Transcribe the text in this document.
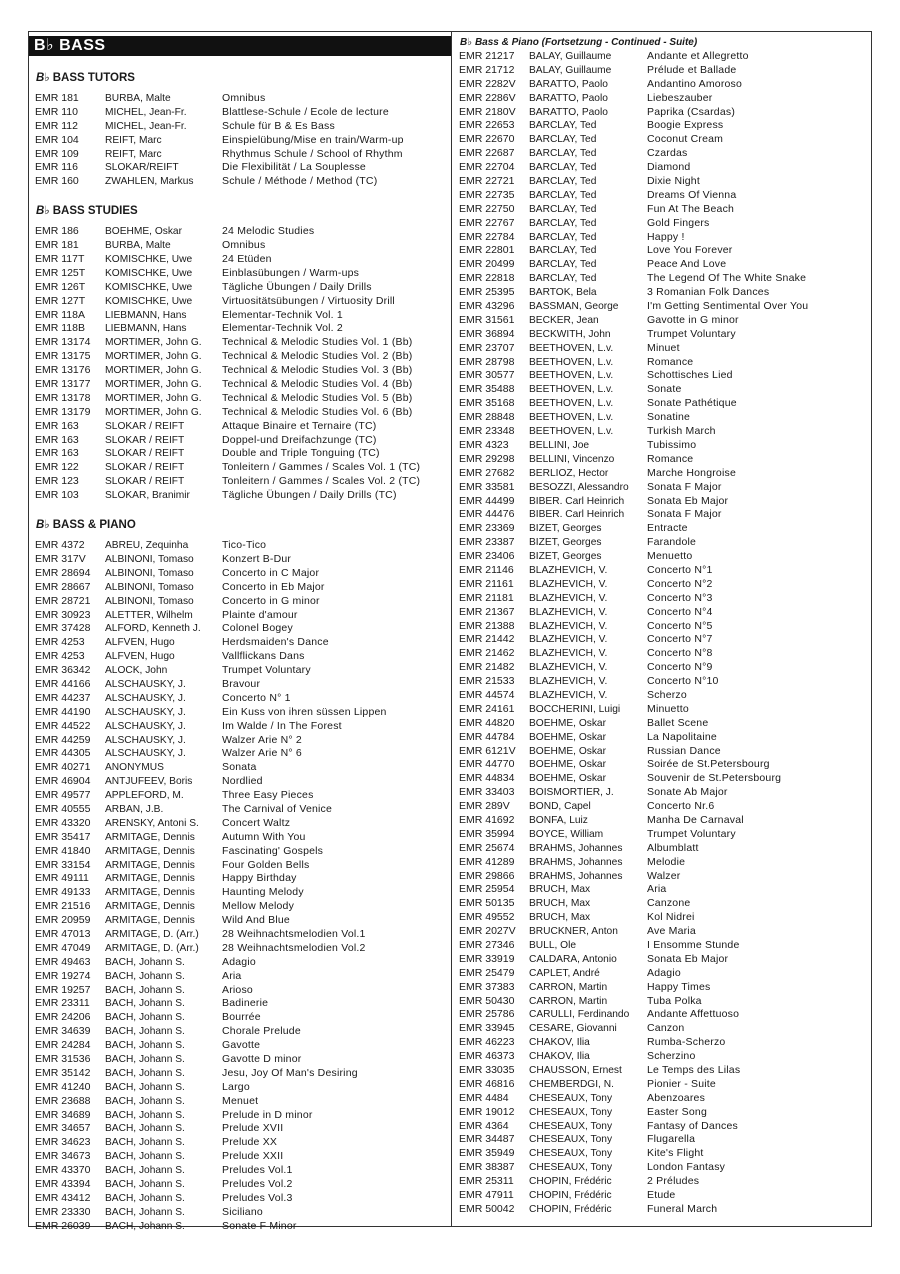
B♭ BASS
B♭ BASS TUTORS
EMR 181	BURBA, Malte	Omnibus
EMR 110	MICHEL, Jean-Fr.	Blattlese-Schule / Ecole de lecture
EMR 112	MICHEL, Jean-Fr.	Schule für B & Es Bass
EMR 104	REIFT, Marc	Einspielübung/Mise en train/Warm-up
EMR 109	REIFT, Marc	Rhythmus Schule / School of Rhythm
EMR 116	SLOKAR/REIFT	Die Flexibilität / La Souplesse
EMR 160	ZWAHLEN, Markus	Schule / Méthode / Method (TC)
B♭ BASS STUDIES
EMR 186	BOEHME, Oskar	24 Melodic Studies
EMR 181	BURBA, Malte	Omnibus
EMR 117T	KOMISCHKE, Uwe	24 Etüden
EMR 125T	KOMISCHKE, Uwe	Einblasübungen / Warm-ups
EMR 126T	KOMISCHKE, Uwe	Tägliche Übungen / Daily Drills
EMR 127T	KOMISCHKE, Uwe	Virtuositätsübungen / Virtuosity Drill
EMR 118A	LIEBMANN, Hans	Elementar-Technik Vol. 1
EMR 118B	LIEBMANN, Hans	Elementar-Technik Vol. 2
EMR 13174	MORTIMER, John G.	Technical & Melodic Studies Vol. 1 (Bb)
EMR 13175	MORTIMER, John G.	Technical & Melodic Studies Vol. 2 (Bb)
EMR 13176	MORTIMER, John G.	Technical & Melodic Studies Vol. 3 (Bb)
EMR 13177	MORTIMER, John G.	Technical & Melodic Studies Vol. 4 (Bb)
EMR 13178	MORTIMER, John G.	Technical & Melodic Studies Vol. 5 (Bb)
EMR 13179	MORTIMER, John G.	Technical & Melodic Studies Vol. 6 (Bb)
EMR 163	SLOKAR / REIFT	Attaque Binaire et Ternaire (TC)
EMR 163	SLOKAR / REIFT	Doppel-und Dreifachzunge (TC)
EMR 163	SLOKAR / REIFT	Double and Triple Tonguing (TC)
EMR 122	SLOKAR / REIFT	Tonleitern / Gammes / Scales Vol. 1 (TC)
EMR 123	SLOKAR / REIFT	Tonleitern / Gammes / Scales Vol. 2 (TC)
EMR 103	SLOKAR, Branimir	Tägliche Übungen / Daily Drills (TC)
B♭ BASS & PIANO
EMR 4372	ABREU, Zequinha	Tico-Tico
EMR 317V	ALBINONI, Tomaso	Konzert B-Dur
EMR 28694	ALBINONI, Tomaso	Concerto in C Major
EMR 28667	ALBINONI, Tomaso	Concerto in Eb Major
EMR 28721	ALBINONI, Tomaso	Concerto in G minor
EMR 30923	ALETTER, Wilhelm	Plainte d'amour
EMR 37428	ALFORD, Kenneth J.	Colonel Bogey
EMR 4253	ALFVEN, Hugo	Herdsmaiden's Dance
EMR 4253	ALFVEN, Hugo	Vallflickans Dans
EMR 36342	ALOCK, John	Trumpet Voluntary
EMR 44166	ALSCHAUSKY, J.	Bravour
EMR 44237	ALSCHAUSKY, J.	Concerto N° 1
EMR 44190	ALSCHAUSKY, J.	Ein Kuss von ihren süssen Lippen
EMR 44522	ALSCHAUSKY, J.	Im Walde / In The Forest
EMR 44259	ALSCHAUSKY, J.	Walzer Arie N° 2
EMR 44305	ALSCHAUSKY, J.	Walzer Arie N° 6
EMR 40271	ANONYMUS	Sonata
EMR 46904	ANTJUFEEV, Boris	Nordlied
EMR 49577	APPLEFORD, M.	Three Easy Pieces
EMR 40555	ARBAN, J.B.	The Carnival of Venice
EMR 43320	ARENSKY, Antoni S.	Concert Waltz
EMR 35417	ARMITAGE, Dennis	Autumn With You
EMR 41840	ARMITAGE, Dennis	Fascinating' Gospels
EMR 33154	ARMITAGE, Dennis	Four Golden Bells
EMR 49111	ARMITAGE, Dennis	Happy Birthday
EMR 49133	ARMITAGE, Dennis	Haunting Melody
EMR 21516	ARMITAGE, Dennis	Mellow Melody
EMR 20959	ARMITAGE, Dennis	Wild And Blue
EMR 47013	ARMITAGE, D. (Arr.)	28 Weihnachtsmelodien Vol.1
EMR 47049	ARMITAGE, D. (Arr.)	28 Weihnachtsmelodien Vol.2
EMR 49463	BACH, Johann S.	Adagio
EMR 19274	BACH, Johann S.	Aria
EMR 19257	BACH, Johann S.	Arioso
EMR 23311	BACH, Johann S.	Badinerie
EMR 24206	BACH, Johann S.	Bourrée
EMR 34639	BACH, Johann S.	Chorale Prelude
EMR 24284	BACH, Johann S.	Gavotte
EMR 31536	BACH, Johann S.	Gavotte D minor
EMR 35142	BACH, Johann S.	Jesu, Joy Of Man's Desiring
EMR 41240	BACH, Johann S.	Largo
EMR 23688	BACH, Johann S.	Menuet
EMR 34689	BACH, Johann S.	Prelude in D minor
EMR 34657	BACH, Johann S.	Prelude XVII
EMR 34623	BACH, Johann S.	Prelude XX
EMR 34673	BACH, Johann S.	Prelude XXII
EMR 43370	BACH, Johann S.	Preludes Vol.1
EMR 43394	BACH, Johann S.	Preludes Vol.2
EMR 43412	BACH, Johann S.	Preludes Vol.3
EMR 23330	BACH, Johann S.	Siciliano
EMR 26039	BACH, Johann S.	Sonate F Minor
B♭ Bass & Piano (Fortsetzung - Continued - Suite)
EMR 21217	BALAY, Guillaume	Andante et Allegretto
EMR 21712	BALAY, Guillaume	Prélude et Ballade
EMR 2282V	BARATTO, Paolo	Andantino Amoroso
EMR 2286V	BARATTO, Paolo	Liebeszauber
EMR 2180V	BARATTO, Paolo	Paprika (Csardas)
EMR 22653	BARCLAY, Ted	Boogie Express
EMR 22670	BARCLAY, Ted	Coconut Cream
EMR 22687	BARCLAY, Ted	Czardas
EMR 22704	BARCLAY, Ted	Diamond
EMR 22721	BARCLAY, Ted	Dixie Night
EMR 22735	BARCLAY, Ted	Dreams Of Vienna
EMR 22750	BARCLAY, Ted	Fun At The Beach
EMR 22767	BARCLAY, Ted	Gold Fingers
EMR 22784	BARCLAY, Ted	Happy !
EMR 22801	BARCLAY, Ted	Love You Forever
EMR 20499	BARCLAY, Ted	Peace And Love
EMR 22818	BARCLAY, Ted	The Legend Of The White Snake
EMR 25395	BARTOK, Bela	3 Romanian Folk Dances
EMR 43296	BASSMAN, George	I'm Getting Sentimental Over You
EMR 31561	BECKER, Jean	Gavotte in G minor
EMR 36894	BECKWITH, John	Trumpet Voluntary
EMR 23707	BEETHOVEN, L.v.	Minuet
EMR 28798	BEETHOVEN, L.v.	Romance
EMR 30577	BEETHOVEN, L.v.	Schottisches Lied
EMR 35488	BEETHOVEN, L.v.	Sonate
EMR 35168	BEETHOVEN, L.v.	Sonate Pathétique
EMR 28848	BEETHOVEN, L.v.	Sonatine
EMR 23348	BEETHOVEN, L.v.	Turkish March
EMR 4323	BELLINI, Joe	Tubissimo
EMR 29298	BELLINI, Vincenzo	Romance
EMR 27682	BERLIOZ, Hector	Marche Hongroise
EMR 33581	BESOZZI, Alessandro	Sonata F Major
EMR 44499	BIBER. Carl Heinrich	Sonata Eb Major
EMR 44476	BIBER. Carl Heinrich	Sonata F Major
EMR 23369	BIZET, Georges	Entracte
EMR 23387	BIZET, Georges	Farandole
EMR 23406	BIZET, Georges	Menuetto
EMR 21146	BLAZHEVICH, V.	Concerto N°1
EMR 21161	BLAZHEVICH, V.	Concerto N°2
EMR 21181	BLAZHEVICH, V.	Concerto N°3
EMR 21367	BLAZHEVICH, V.	Concerto N°4
EMR 21388	BLAZHEVICH, V.	Concerto N°5
EMR 21442	BLAZHEVICH, V.	Concerto N°7
EMR 21462	BLAZHEVICH, V.	Concerto N°8
EMR 21482	BLAZHEVICH, V.	Concerto N°9
EMR 21533	BLAZHEVICH, V.	Concerto N°10
EMR 44574	BLAZHEVICH, V.	Scherzo
EMR 24161	BOCCHERINI, Luigi	Minuetto
EMR 44820	BOEHME, Oskar	Ballet Scene
EMR 44784	BOEHME, Oskar	La Napolitaine
EMR 6121V	BOEHME, Oskar	Russian Dance
EMR 44770	BOEHME, Oskar	Soirée de St.Petersbourg
EMR 44834	BOEHME, Oskar	Souvenir de St.Petersbourg
EMR 33403	BOISMORTIER, J.	Sonate Ab Major
EMR 289V	BOND, Capel	Concerto Nr.6
EMR 41692	BONFA, Luiz	Manha De Carnaval
EMR 35994	BOYCE, William	Trumpet Voluntary
EMR 25674	BRAHMS, Johannes	Albumblatt
EMR 41289	BRAHMS, Johannes	Melodie
EMR 29866	BRAHMS, Johannes	Walzer
EMR 25954	BRUCH, Max	Aria
EMR 50135	BRUCH, Max	Canzone
EMR 49552	BRUCH, Max	Kol Nidrei
EMR 2027V	BRUCKNER, Anton	Ave Maria
EMR 27346	BULL, Ole	I Ensomme Stunde
EMR 33919	CALDARA, Antonio	Sonata Eb Major
EMR 25479	CAPLET, André	Adagio
EMR 37383	CARRON, Martin	Happy Times
EMR 50430	CARRON, Martin	Tuba Polka
EMR 25786	CARULLI, Ferdinando	Andante Affettuoso
EMR 33945	CESARE, Giovanni	Canzon
EMR 46223	CHAKOV, Ilia	Rumba-Scherzo
EMR 46373	CHAKOV, Ilia	Scherzino
EMR 33035	CHAUSSON, Ernest	Le Temps des Lilas
EMR 46816	CHEMBERDGI, N.	Pionier - Suite
EMR 4484	CHESEAUX, Tony	Abenzoares
EMR 19012	CHESEAUX, Tony	Easter Song
EMR 4364	CHESEAUX, Tony	Fantasy of Dances
EMR 34487	CHESEAUX, Tony	Flugarella
EMR 35949	CHESEAUX, Tony	Kite's Flight
EMR 38387	CHESEAUX, Tony	London Fantasy
EMR 25311	CHOPIN, Frédéric	2 Préludes
EMR 47911	CHOPIN, Frédéric	Etude
EMR 50042	CHOPIN, Frédéric	Funeral March
